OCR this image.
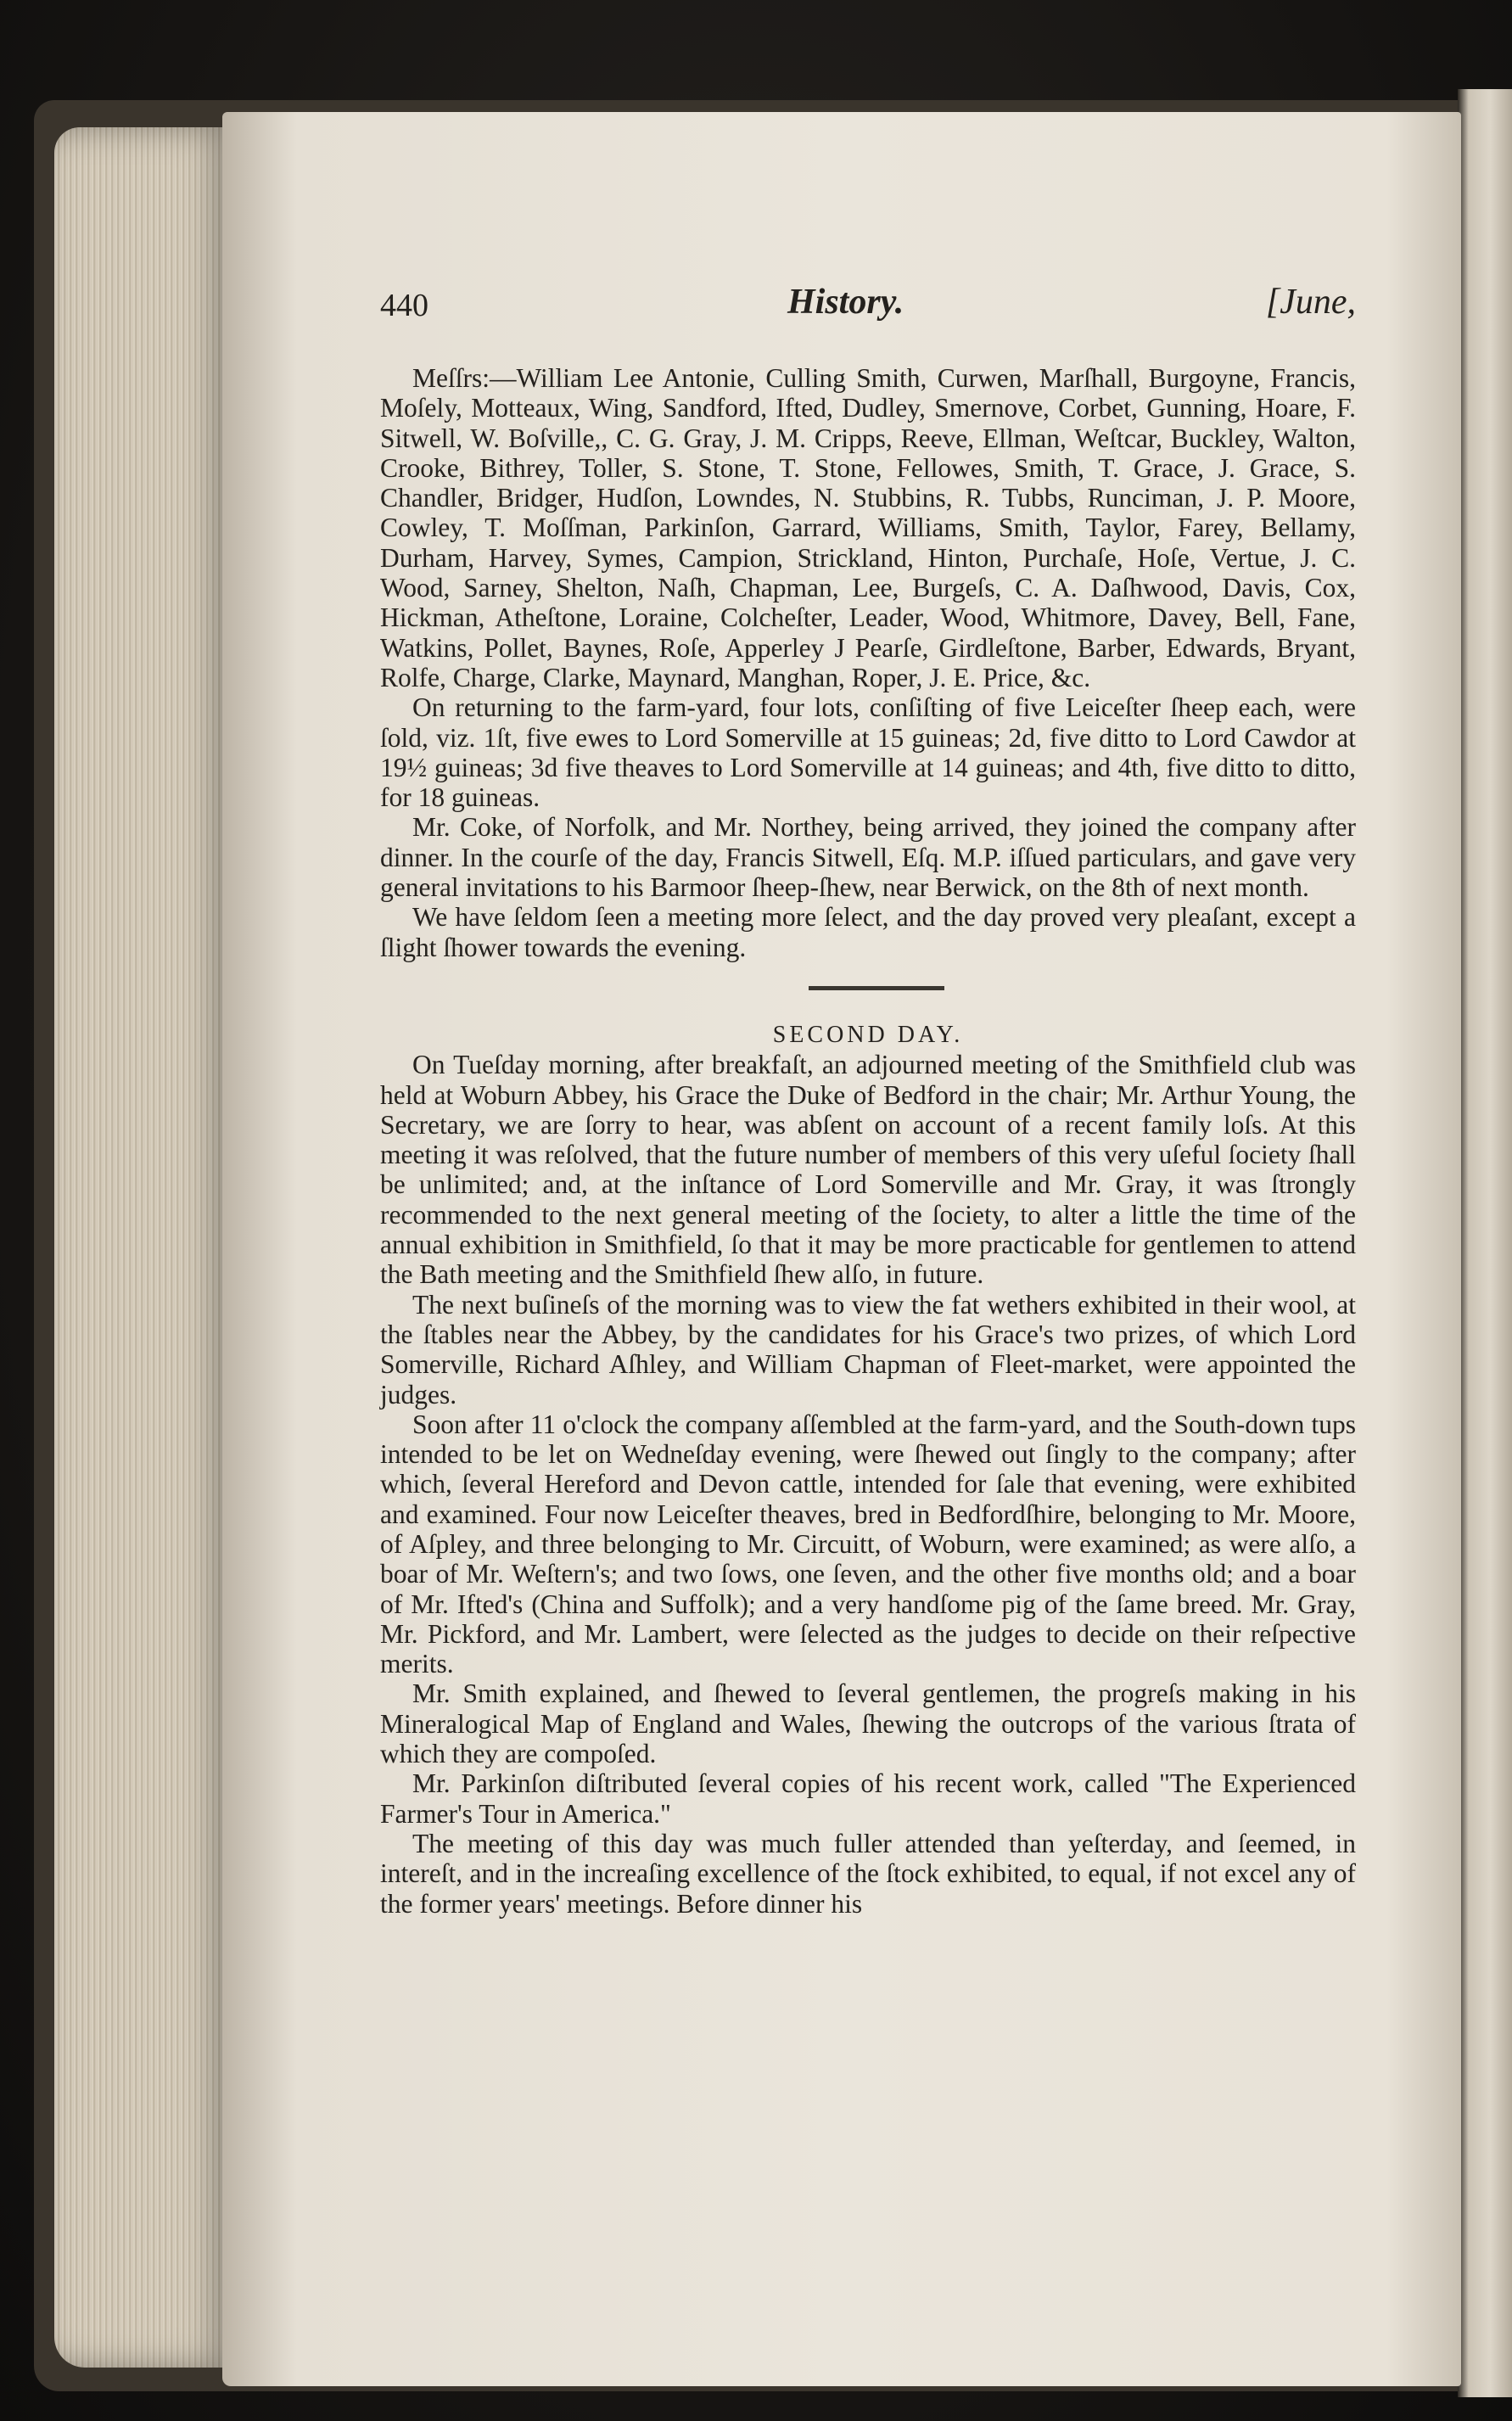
440	History.	[June,

Meſſrs:—William Lee Antonie, Culling Smith, Curwen, Marſhall, Burgoyne, Francis, Moſely, Motteaux, Wing, Sandford, Ifted, Dudley, Smernove, Corbet, Gunning, Hoare, F. Sitwell, W. Boſville,, C. G. Gray, J. M. Cripps, Reeve, Ellman, Weſtcar, Buckley, Walton, Crooke, Bithrey, Toller, S. Stone, T. Stone, Fellowes, Smith, T. Grace, J. Grace, S. Chandler, Bridger, Hudſon, Lowndes, N. Stubbins, R. Tubbs, Runciman, J. P. Moore, Cowley, T. Moſſman, Parkinſon, Garrard, Williams, Smith, Taylor, Farey, Bellamy, Durham, Harvey, Symes, Campion, Strickland, Hinton, Purchaſe, Hoſe, Vertue, J. C. Wood, Sarney, Shelton, Naſh, Chapman, Lee, Burgeſs, C. A. Daſhwood, Davis, Cox, Hickman, Atheſtone, Loraine, Colcheſter, Leader, Wood, Whitmore, Davey, Bell, Fane, Watkins, Pollet, Baynes, Roſe, Apperley J Pearſe, Girdleſtone, Barber, Edwards, Bryant, Rolfe, Charge, Clarke, Maynard, Manghan, Roper, J. E. Price, &c.

On returning to the farm-yard, four lots, conſiſting of five Leiceſter ſheep each, were ſold, viz. 1ſt, five ewes to Lord Somerville at 15 guineas; 2d, five ditto to Lord Cawdor at 19½ guineas; 3d five theaves to Lord Somerville at 14 guineas; and 4th, five ditto to ditto, for 18 guineas.

Mr. Coke, of Norfolk, and Mr. Northey, being arrived, they joined the company after dinner. In the courſe of the day, Francis Sitwell, Eſq. M.P. iſſued particulars, and gave very general invitations to his Barmoor ſheep-ſhew, near Berwick, on the 8th of next month.

We have ſeldom ſeen a meeting more ſelect, and the day proved very pleaſant, except a ſlight ſhower towards the evening.

SECOND DAY.

On Tueſday morning, after breakfaſt, an adjourned meeting of the Smithfield club was held at Woburn Abbey, his Grace the Duke of Bedford in the chair; Mr. Arthur Young, the Secretary, we are ſorry to hear, was abſent on account of a recent family loſs. At this meeting it was reſolved, that the future number of members of this very uſeful ſociety ſhall be unlimited; and, at the inſtance of Lord Somerville and Mr. Gray, it was ſtrongly recommended to the next general meeting of the ſociety, to alter a little the time of the annual exhibition in Smithfield, ſo that it may be more practicable for gentlemen to attend the Bath meeting and the Smithfield ſhew alſo, in future.

The next buſineſs of the morning was to view the fat wethers exhibited in their wool, at the ſtables near the Abbey, by the candidates for his Grace's two prizes, of which Lord Somerville, Richard Aſhley, and William Chapman of Fleet-market, were appointed the judges.

Soon after 11 o'clock the company aſſembled at the farm-yard, and the South-down tups intended to be let on Wedneſday evening, were ſhewed out ſingly to the company; after which, ſeveral Hereford and Devon cattle, intended for ſale that evening, were exhibited and examined. Four now Leiceſter theaves, bred in Bedfordſhire, belonging to Mr. Moore, of Aſpley, and three belonging to Mr. Circuitt, of Woburn, were examined; as were alſo, a boar of Mr. Weſtern's; and two ſows, one ſeven, and the other five months old; and a boar of Mr. Ifted's (China and Suffolk); and a very handſome pig of the ſame breed. Mr. Gray, Mr. Pickford, and Mr. Lambert, were ſelected as the judges to decide on their reſpective merits.

Mr. Smith explained, and ſhewed to ſeveral gentlemen, the progreſs making in his Mineralogical Map of England and Wales, ſhewing the outcrops of the various ſtrata of which they are compoſed.

Mr. Parkinſon diſtributed ſeveral copies of his recent work, called "The Experienced Farmer's Tour in America."

The meeting of this day was much fuller attended than yeſterday, and ſeemed, in intereſt, and in the increaſing excellence of the ſtock exhibited, to equal, if not excel any of the former years' meetings. Before dinner his
